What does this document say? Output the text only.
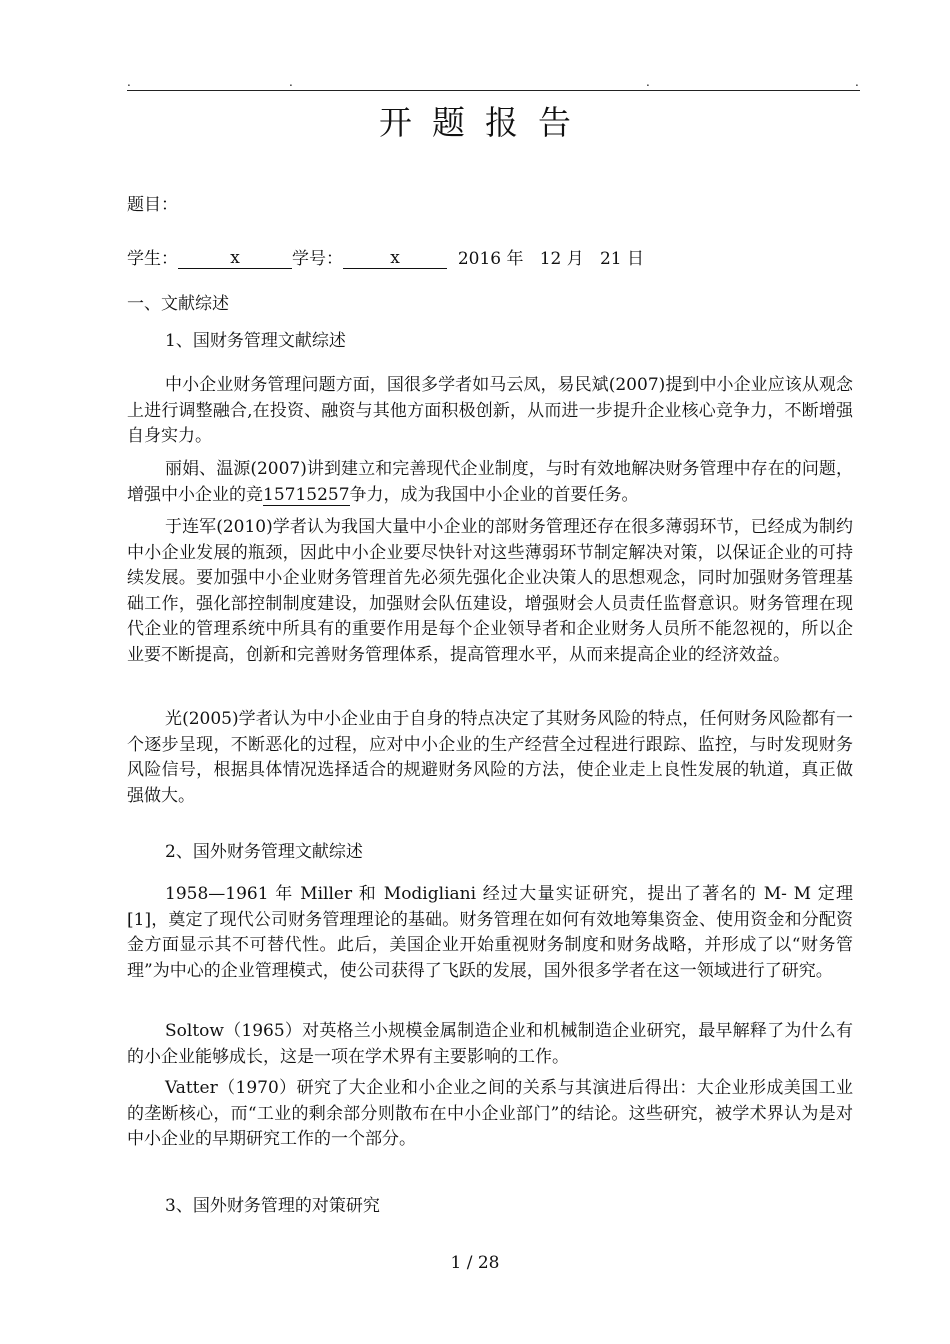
.	.	.	.
开题报告
题目：
学生：	x	学号：	x	2016 年 12 月 21 日
一、文献综述
1、国财务管理文献综述
中小企业财务管理问题方面，国很多学者如马云凤，易民斌(2007)提到中小企业应该从观念上进行调整融合,在投资、融资与其他方面积极创新，从而进一步提升企业核心竞争力，不断增强自身实力。
丽娟、温源(2007)讲到建立和完善现代企业制度，与时有效地解决财务管理中存在的问题，增强中小企业的竞15715257争力，成为我国中小企业的首要任务。
于连军(2010)学者认为我国大量中小企业的部财务管理还存在很多薄弱环节，已经成为制约中小企业发展的瓶颈，因此中小企业要尽快针对这些薄弱环节制定解决对策，以保证企业的可持续发展。要加强中小企业财务管理首先必须先强化企业决策人的思想观念，同时加强财务管理基础工作，强化部控制制度建设，加强财会队伍建设，增强财会人员责任监督意识。财务管理在现代企业的管理系统中所具有的重要作用是每个企业领导者和企业财务人员所不能忽视的，所以企业要不断提高，创新和完善财务管理体系，提高管理水平，从而来提高企业的经济效益。
光(2005)学者认为中小企业由于自身的特点决定了其财务风险的特点，任何财务风险都有一个逐步呈现，不断恶化的过程，应对中小企业的生产经营全过程进行跟踪、监控，与时发现财务风险信号，根据具体情况选择适合的规避财务风险的方法，使企业走上良性发展的轨道，真正做强做大。
2、国外财务管理文献综述
1958—1961 年 Miller 和 Modigliani 经过大量实证研究，提出了著名的 M- M 定理[1]，奠定了现代公司财务管理理论的基础。财务管理在如何有效地筹集资金、使用资金和分配资金方面显示其不可替代性。此后，美国企业开始重视财务制度和财务战略，并形成了以“财务管理”为中心的企业管理模式，使公司获得了飞跃的发展，国外很多学者在这一领域进行了研究。
Soltow（1965）对英格兰小规模金属制造企业和机械制造企业研究，最早解释了为什么有的小企业能够成长，这是一项在学术界有主要影响的工作。
Vatter（1970）研究了大企业和小企业之间的关系与其演进后得出：大企业形成美国工业的垄断核心，而“工业的剩余部分则散布在中小企业部门”的结论。这些研究，被学术界认为是对中小企业的早期研究工作的一个部分。
3、国外财务管理的对策研究
1 / 28
